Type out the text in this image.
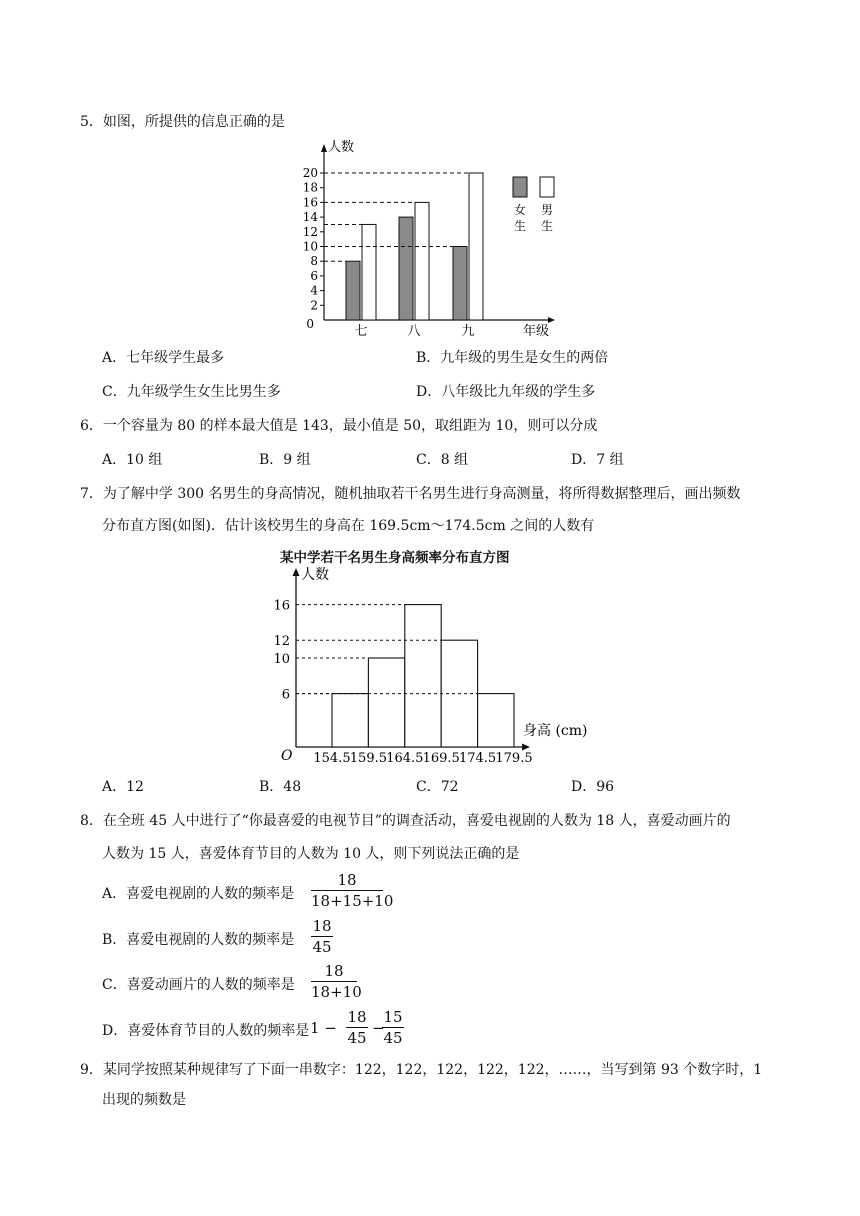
5．如图，所提供的信息正确的是
人数
年级
2
4
6
8
10
12
14
16
18
20
0	七	八	九
女
生
男
生
A．七年级学生最多	B．九年级的男生是女生的两倍
C．九年级学生女生比男生多	D．八年级比九年级的学生多
6．一个容量为 80 的样本最大值是 143，最小值是 50，取组距为 10，则可以分成
A．10 组	B．9 组	C．8 组	D．7 组
7．为了解中学 300 名男生的身高情况，随机抽取若干名男生进行身高测量，将所得数据整理后，画出频数
分布直方图(如图)．估计该校男生的身高在 169.5cm～174.5cm 之间的人数有
某中学若干名男生身高频率分布直方图
人数
身高 (cm)
O
6
10
12
16
154.5 159.5 164.5 169.5 174.5 179.5
A．12	B．48	C．72	D．96
8．在全班 45 人中进行了“你最喜爱的电视节目”的调查活动，喜爱电视剧的人数为 18 人，喜爱动画片的
人数为 15 人，喜爱体育节目的人数为 10 人，则下列说法正确的是
A．喜爱电视剧的人数的频率是
18
18+15+10
B．喜爱电视剧的人数的频率是
18
45
C．喜爱动画片的人数的频率是
18
18+10
D．喜爱体育节目的人数的频率是 1 −
18
45
−
15
45
9．某同学按照某种规律写了下面一串数字：122，122，122，122，122，……，当写到第 93 个数字时，1
出现的频数是
